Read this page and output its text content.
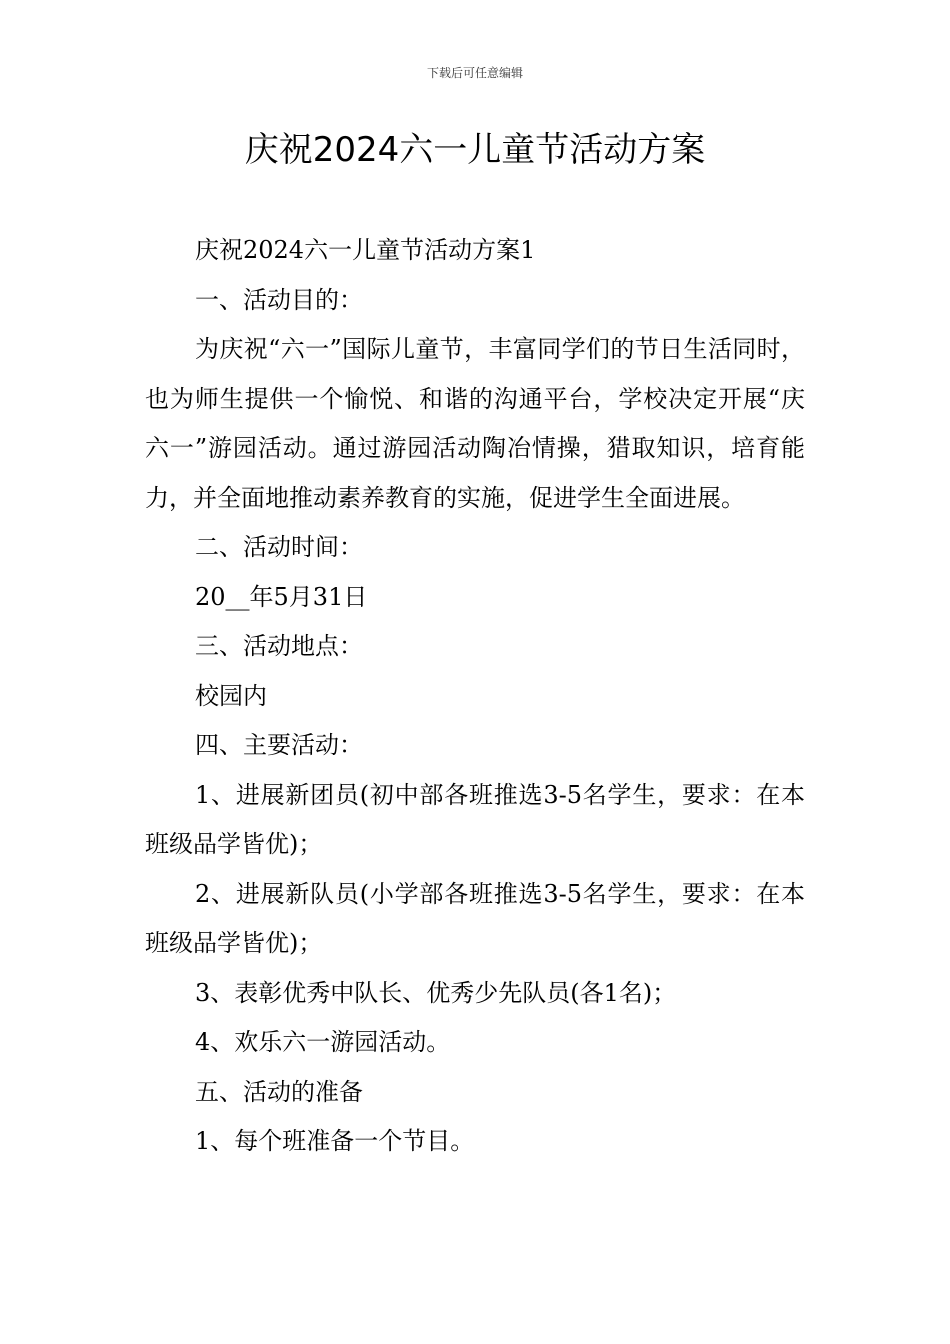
下载后可任意编辑
庆祝2024六一儿童节活动方案

庆祝2024六一儿童节活动方案1

一、活动目的：

为庆祝“六一”国际儿童节，丰富同学们的节日生活同时，也为师生提供一个愉悦、和谐的沟通平台，学校决定开展“庆六一”游园活动。通过游园活动陶冶情操，猎取知识，培育能力，并全面地推动素养教育的实施，促进学生全面进展。

二、活动时间：

20__年5月31日

三、活动地点：

校园内

四、主要活动：

1、进展新团员(初中部各班推选3-5名学生，要求：在本班级品学皆优)；

2、进展新队员(小学部各班推选3-5名学生，要求：在本班级品学皆优)；

3、表彰优秀中队长、优秀少先队员(各1名)；

4、欢乐六一游园活动。

五、活动的准备

1、每个班准备一个节目。
